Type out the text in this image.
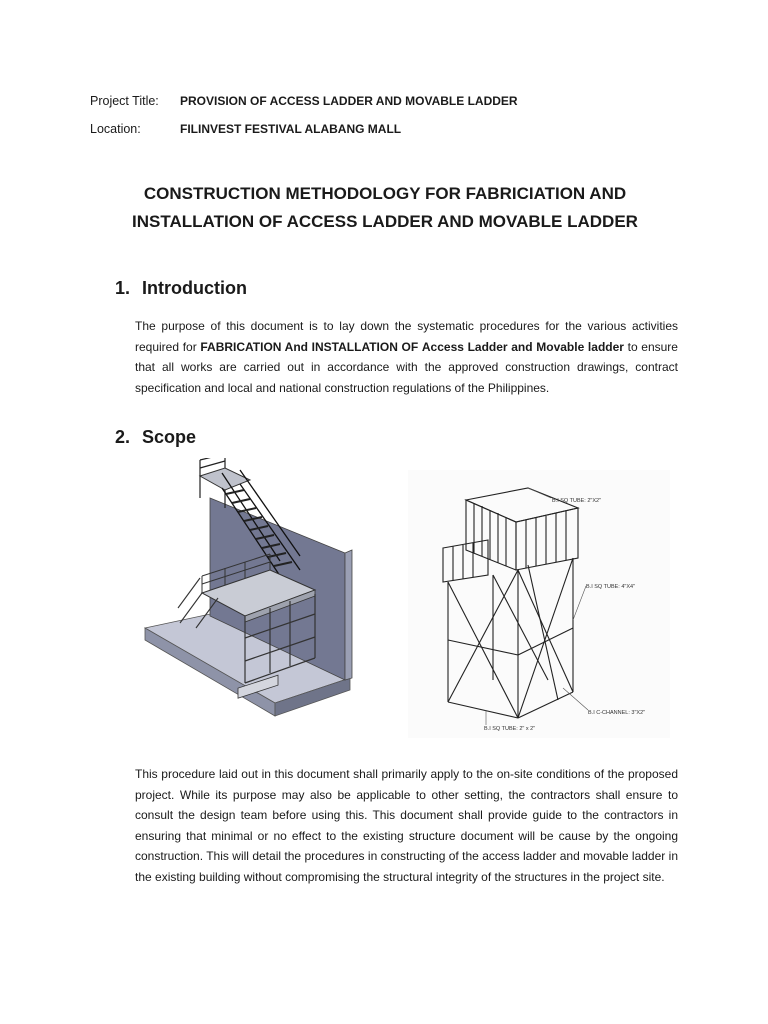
Project Title: PROVISION OF ACCESS LADDER AND MOVABLE LADDER
Location:	FILINVEST FESTIVAL ALABANG MALL
CONSTRUCTION METHODOLOGY FOR FABRICIATION AND
INSTALLATION OF ACCESS LADDER AND MOVABLE LADDER
1. Introduction
The purpose of this document is to lay down the systematic procedures for the various activities required for FABRICATION And INSTALLATION OF Access Ladder and Movable ladder to ensure that all works are carried out in accordance with the approved construction drawings, contract specification and local and national construction regulations of the Philippines.
2. Scope
B.I SQ TUBE: 2"X2"
B.I SQ TUBE: 4"X4"
B.I C-CHANNEL: 3"X2"
B.I SQ TUBE: 2" x 2"
This procedure laid out in this document shall primarily apply to the on-site conditions of the proposed project. While its purpose may also be applicable to other setting, the contractors shall ensure to consult the design team before using this. This document shall provide guide to the contractors in ensuring that minimal or no effect to the existing structure document will be cause by the ongoing construction. This will detail the procedures in constructing of the access ladder and movable ladder in the existing building without compromising the structural integrity of the structures in the project site.
